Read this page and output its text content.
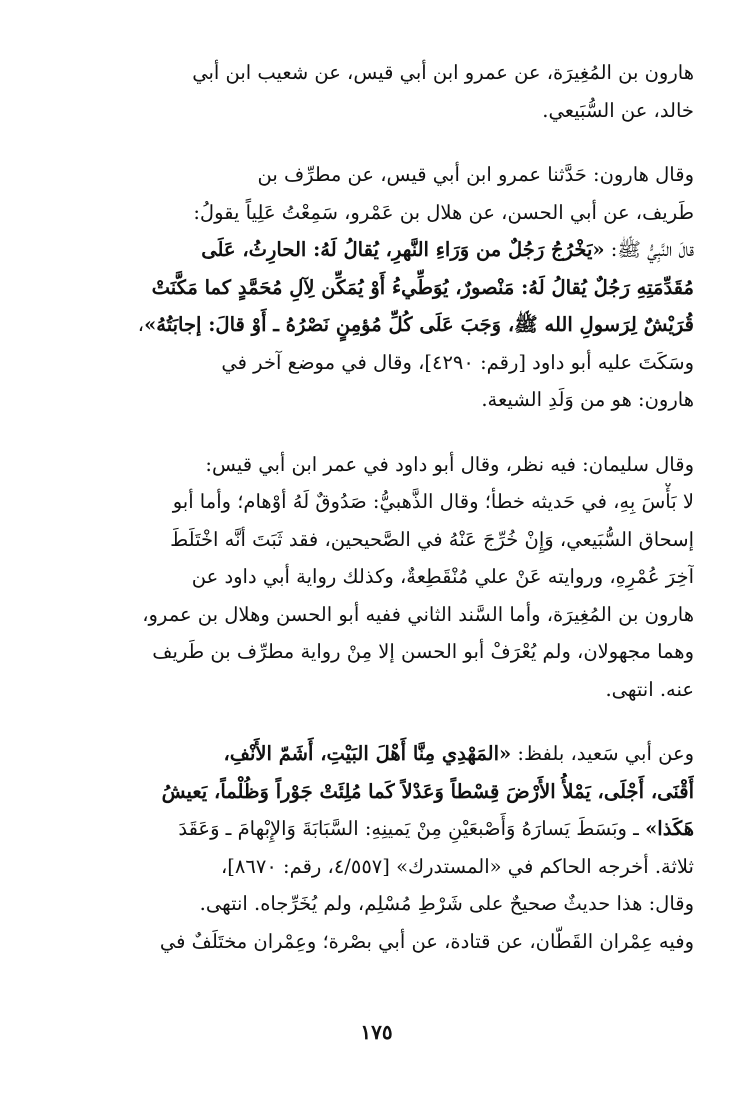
هارون بن المُغِيرَة، عن عمرو ابن أبي قيس، عن شعيب ابن أبي
خالد، عن السُّبَيعي.
وقال هارون: حَدَّثنا عمرو ابن أبي قيس، عن مطرِّف بن
طَريف، عن أبي الحسن، عن هلال بن عَمْرو، سَمِعْتُ عَلِياً يقولُ:
قالَ النَّبِيُّ ﷺ: «يَخْرُجُ رَجُلٌ من وَرَاءِ النَّهرِ، يُقالُ لَهُ: الحارِثُ، عَلَى
مُقَدِّمَتِهِ رَجُلٌ يُقالُ لَهُ: مَنْصورٌ، يُوَطِّيءُ أَوْ يُمَكِّن لِآلِ مُحَمَّدٍ كما مَكَّنَتْ
قُرَيْشٌ لِرَسولِ الله ﷺ، وَجَبَ عَلَى كُلِّ مُؤمِنٍ نَصْرُهُ ـ أَوْ قالَ: إجابَتُهُ»،
وسَكَتَ عليه أبو داود [رقم: ٤٢٩٠]، وقال في موضع آخر في
هارون: هو من وَلَدِ الشيعة.
وقال سليمان: فيه نظر، وقال أبو داود في عمر ابن أبي قيس:
لا بَأْسَ بِهِ، في حَديثه خطأ؛ وقال الذَّهبيُّ: صَدُوقٌ لَهُ أوْهام؛ وأما أبو
إسحاق السُّبَيعي، وَإِنْ خُرِّجَ عَنْهُ في الصَّحيحين، فقد ثَبَتَ أنَّه اخْتَلَطَ
آخِرَ عُمْرِهِ، وروايته عَنْ علي مُنْقَطِعةٌ، وكذلك رواية أبي داود عن
هارون بن المُغِيرَة، وأما السَّند الثاني ففيه أبو الحسن وهلال بن عمرو،
وهما مجهولان، ولم يُعْرَفْ أبو الحسن إلا مِنْ رواية مطرِّف بن طَريف
عنه. انتهى.
وعن أبي سَعيد، بلفظ: «المَهْدِي مِنَّا أَهْلَ البَيْتِ، أَشَمّ الأَنْفِ،
أَقْنَى، أَجْلَى، يَمْلأُ الأَرْضَ قِسْطاً وَعَدْلاً كَما مُلِئَتْ جَوْراً وَظُلْماً، يَعيشُ
هَكَذا» ـ وبَسَطَ يَسارَهُ وَأَصْبعَيْنِ مِنْ يَمينِهِ: السَّبَابَةَ وَالإِبْهامَ ـ وَعَقَدَ
ثلاثة. أخرجه الحاكم في «المستدرك» [٤/٥٥٧، رقم: ٨٦٧٠]،
وقال: هذا حديثٌ صحيحٌ على شَرْطِ مُسْلِم، ولم يُخَرِّجاه. انتهى.
وفيه عِمْران القَطّان، عن قتادة، عن أبي بصْرة؛ وعِمْران مختَلَفٌ في
١٧٥
